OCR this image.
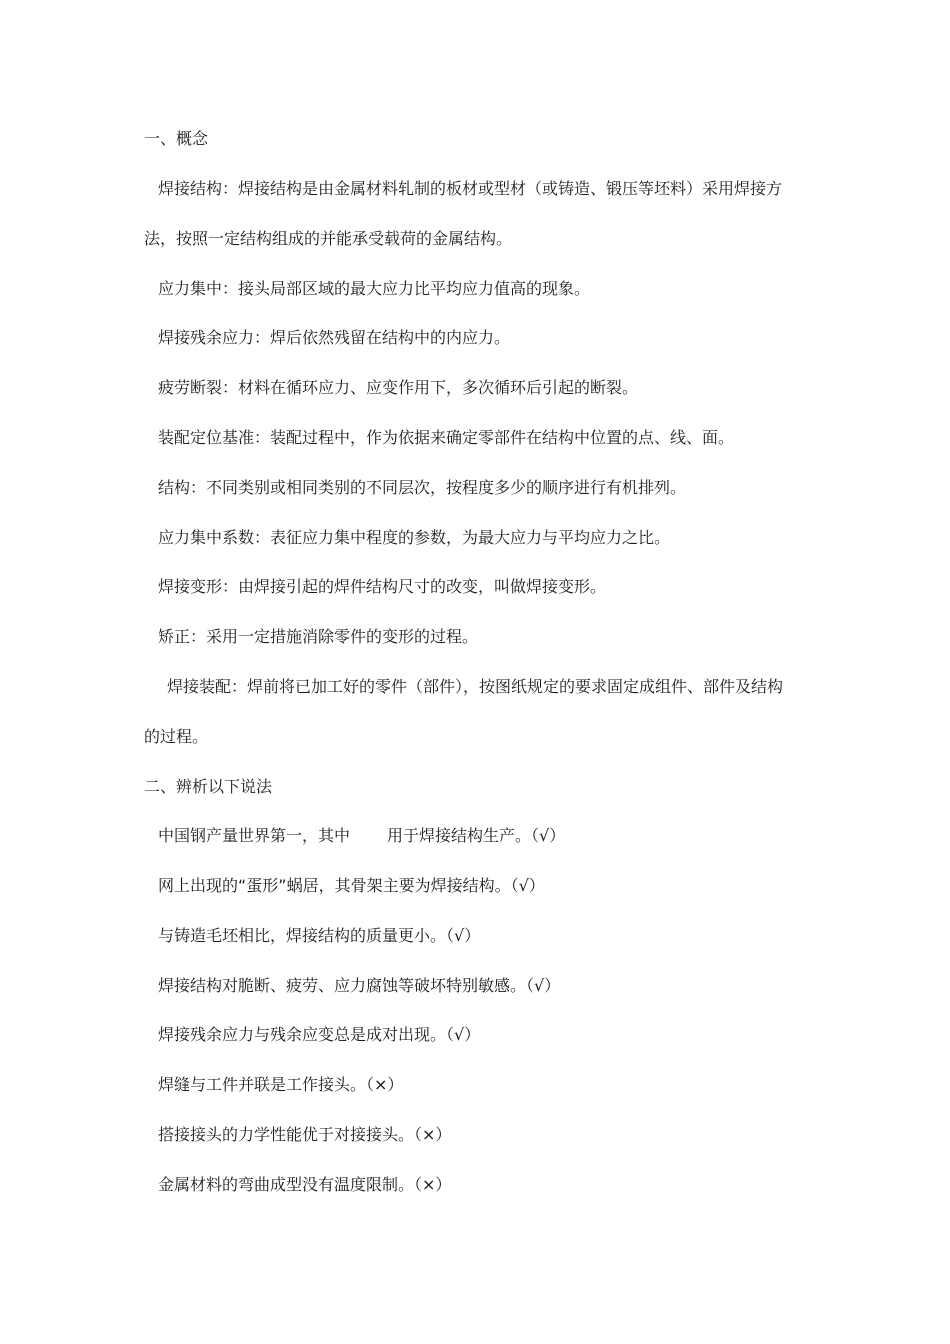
一、概念
焊接结构：焊接结构是由金属材料轧制的板材或型材（或铸造、锻压等坯料）采用焊接方
法，按照一定结构组成的并能承受载荷的金属结构。
应力集中：接头局部区域的最大应力比平均应力值高的现象。
焊接残余应力：焊后依然残留在结构中的内应力。
疲劳断裂：材料在循环应力、应变作用下，多次循环后引起的断裂。
装配定位基准：装配过程中，作为依据来确定零部件在结构中位置的点、线、面。
结构：不同类别或相同类别的不同层次，按程度多少的顺序进行有机排列。
应力集中系数：表征应力集中程度的参数，为最大应力与平均应力之比。
焊接变形：由焊接引起的焊件结构尺寸的改变，叫做焊接变形。
矫正：采用一定措施消除零件的变形的过程。
焊接装配：焊前将已加工好的零件（部件），按图纸规定的要求固定成组件、部件及结构
的过程。
二、辨析以下说法
中国钢产量世界第一，其中 用于焊接结构生产。（√）
网上出现的“蛋形”蜗居，其骨架主要为焊接结构。（√）
与铸造毛坯相比，焊接结构的质量更小。（√）
焊接结构对脆断、疲劳、应力腐蚀等破坏特别敏感。（√）
焊接残余应力与残余应变总是成对出现。（√）
焊缝与工件并联是工作接头。（×）
搭接接头的力学性能优于对接接头。（×）
金属材料的弯曲成型没有温度限制。（×）
